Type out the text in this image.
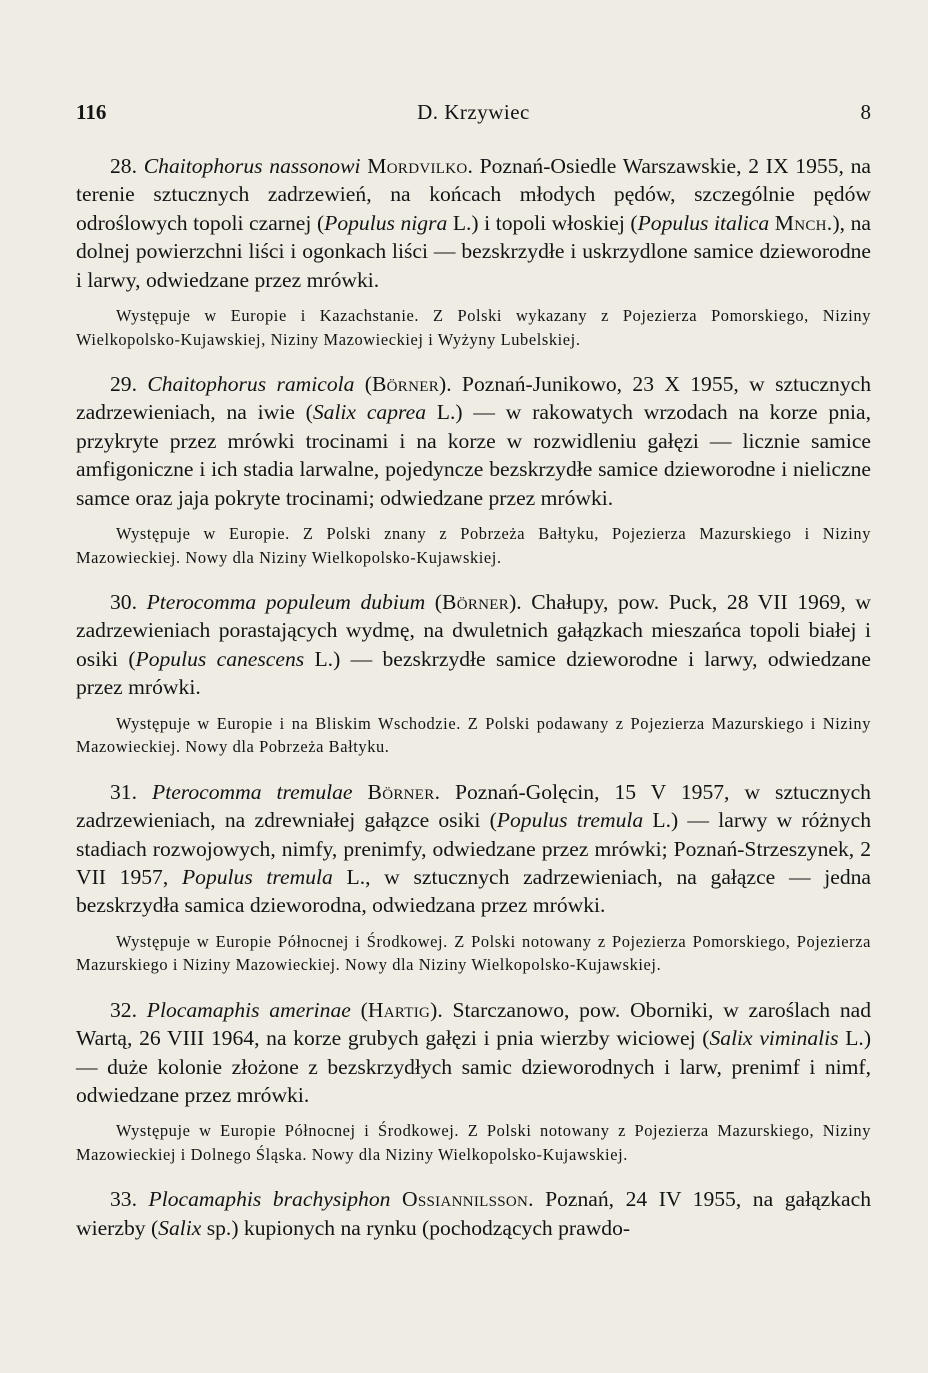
116	D. Krzywiec	8

28. Chaitophorus nassonowi Mordvilko. Poznań-Osiedle Warszawskie, 2 IX 1955, na terenie sztucznych zadrzewień, na końcach młodych pędów, szczególnie pędów odroślowych topoli czarnej (Populus nigra L.) i topoli włoskiej (Populus italica Mnch.), na dolnej powierzchni liści i ogonkach liści — bezskrzydłe i uskrzydlone samice dzieworodne i larwy, odwiedzane przez mrówki.

Występuje w Europie i Kazachstanie. Z Polski wykazany z Pojezierza Pomorskiego, Niziny Wielkopolsko-Kujawskiej, Niziny Mazowieckiej i Wyżyny Lubelskiej.

29. Chaitophorus ramicola (Börner). Poznań-Junikowo, 23 X 1955, w sztucznych zadrzewieniach, na iwie (Salix caprea L.) — w rakowatych wrzodach na korze pnia, przykryte przez mrówki trocinami i na korze w rozwidleniu gałęzi — licznie samice amfigoniczne i ich stadia larwalne, pojedyncze bezskrzydłe samice dzieworodne i nieliczne samce oraz jaja pokryte trocinami; odwiedzane przez mrówki.

Występuje w Europie. Z Polski znany z Pobrzeża Bałtyku, Pojezierza Mazurskiego i Niziny Mazowieckiej. Nowy dla Niziny Wielkopolsko-Kujawskiej.

30. Pterocomma populeum dubium (Börner). Chałupy, pow. Puck, 28 VII 1969, w zadrzewieniach porastających wydmę, na dwuletnich gałązkach mieszańca topoli białej i osiki (Populus canescens L.) — bezskrzydłe samice dzieworodne i larwy, odwiedzane przez mrówki.

Występuje w Europie i na Bliskim Wschodzie. Z Polski podawany z Pojezierza Mazurskiego i Niziny Mazowieckiej. Nowy dla Pobrzeża Bałtyku.

31. Pterocomma tremulae Börner. Poznań-Golęcin, 15 V 1957, w sztucznych zadrzewieniach, na zdrewniałej gałązce osiki (Populus tremula L.) — larwy w różnych stadiach rozwojowych, nimfy, prenimfy, odwiedzane przez mrówki; Poznań-Strzeszynek, 2 VII 1957, Populus tremula L., w sztucznych zadrzewieniach, na gałązce — jedna bezskrzydła samica dzieworodna, odwiedzana przez mrówki.

Występuje w Europie Północnej i Środkowej. Z Polski notowany z Pojezierza Pomorskiego, Pojezierza Mazurskiego i Niziny Mazowieckiej. Nowy dla Niziny Wielkopolsko-Kujawskiej.

32. Plocamaphis amerinae (Hartig). Starczanowo, pow. Oborniki, w zaroślach nad Wartą, 26 VIII 1964, na korze grubych gałęzi i pnia wierzby wiciowej (Salix viminalis L.) — duże kolonie złożone z bezskrzydłych samic dzieworodnych i larw, prenimf i nimf, odwiedzane przez mrówki.

Występuje w Europie Północnej i Środkowej. Z Polski notowany z Pojezierza Mazurskiego, Niziny Mazowieckiej i Dolnego Śląska. Nowy dla Niziny Wielkopolsko-Kujawskiej.

33. Plocamaphis brachysiphon Ossiannilsson. Poznań, 24 IV 1955, na gałązkach wierzby (Salix sp.) kupionych na rynku (pochodzących prawdo-
